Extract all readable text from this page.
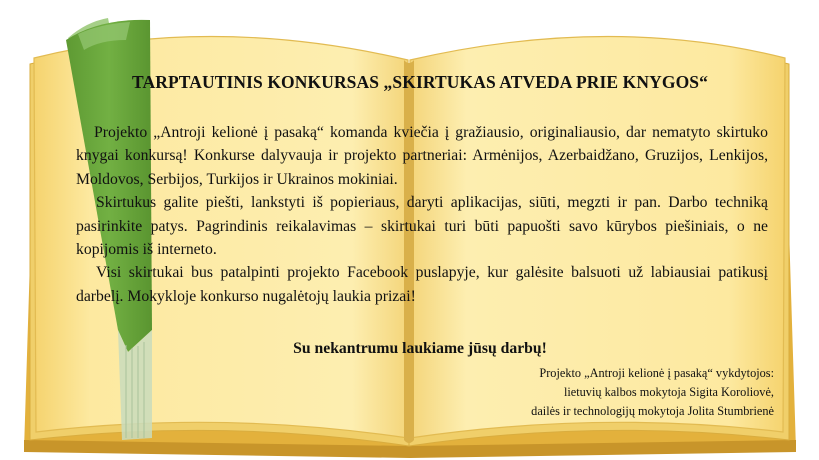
TARPTAUTINIS KONKURSAS „SKIRTUKAS ATVEDA PRIE KNYGOS“

Projekto „Antroji kelionė į pasaką“ komanda kviečia į gražiausio, originaliausio, dar nematyto skirtuko knygai konkursą! Konkurse dalyvauja ir projekto partneriai: Armėnijos, Azerbaidžano, Gruzijos, Lenkijos, Moldovos, Serbijos, Turkijos ir Ukrainos mokiniai.

Skirtukus galite piešti, lankstyti iš popieriaus, daryti aplikacijas, siūti, megzti ir pan. Darbo techniką pasirinkite patys. Pagrindinis reikalavimas – skirtukai turi būti papuošti savo kūrybos piešiniais, o ne kopijomis iš interneto.

Visi skirtukai bus patalpinti projekto Facebook puslapyje, kur galėsite balsuoti už labiausiai patikusį darbelį. Mokykloje konkurso nugalėtojų laukia prizai!

Su nekantrumu laukiame jūsų darbų!
Projekto „Antroji kelionė į pasaką“ vykdytojos:
lietuvių kalbos mokytoja Sigita Koroliovė,
dailės ir technologijų mokytoja Jolita Stumbrienė
